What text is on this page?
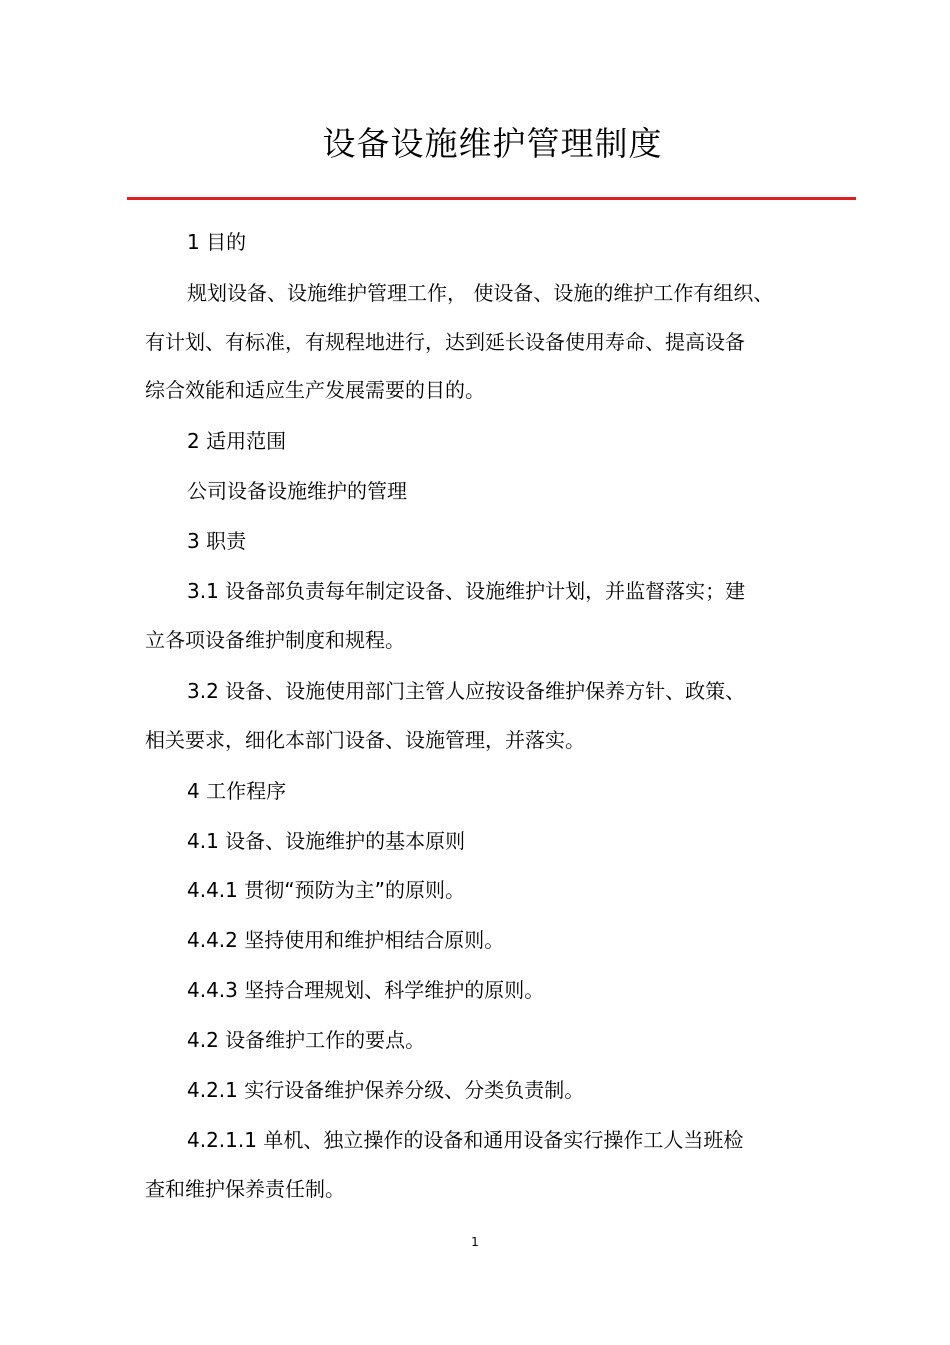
设备设施维护管理制度
1 目的
规划设备、设施维护管理工作， 使设备、设施的维护工作有组织、
有计划、有标准，有规程地进行，达到延长设备使用寿命、提高设备
综合效能和适应生产发展需要的目的。
2 适用范围
公司设备设施维护的管理
3 职责
3.1 设备部负责每年制定设备、设施维护计划，并监督落实；建
立各项设备维护制度和规程。
3.2 设备、设施使用部门主管人应按设备维护保养方针、政策、
相关要求，细化本部门设备、设施管理，并落实。
4 工作程序
4.1 设备、设施维护的基本原则
4.4.1 贯彻“预防为主”的原则。
4.4.2 坚持使用和维护相结合原则。
4.4.3 坚持合理规划、科学维护的原则。
4.2 设备维护工作的要点。
4.2.1 实行设备维护保养分级、分类负责制。
4.2.1.1 单机、独立操作的设备和通用设备实行操作工人当班检
查和维护保养责任制。
1
